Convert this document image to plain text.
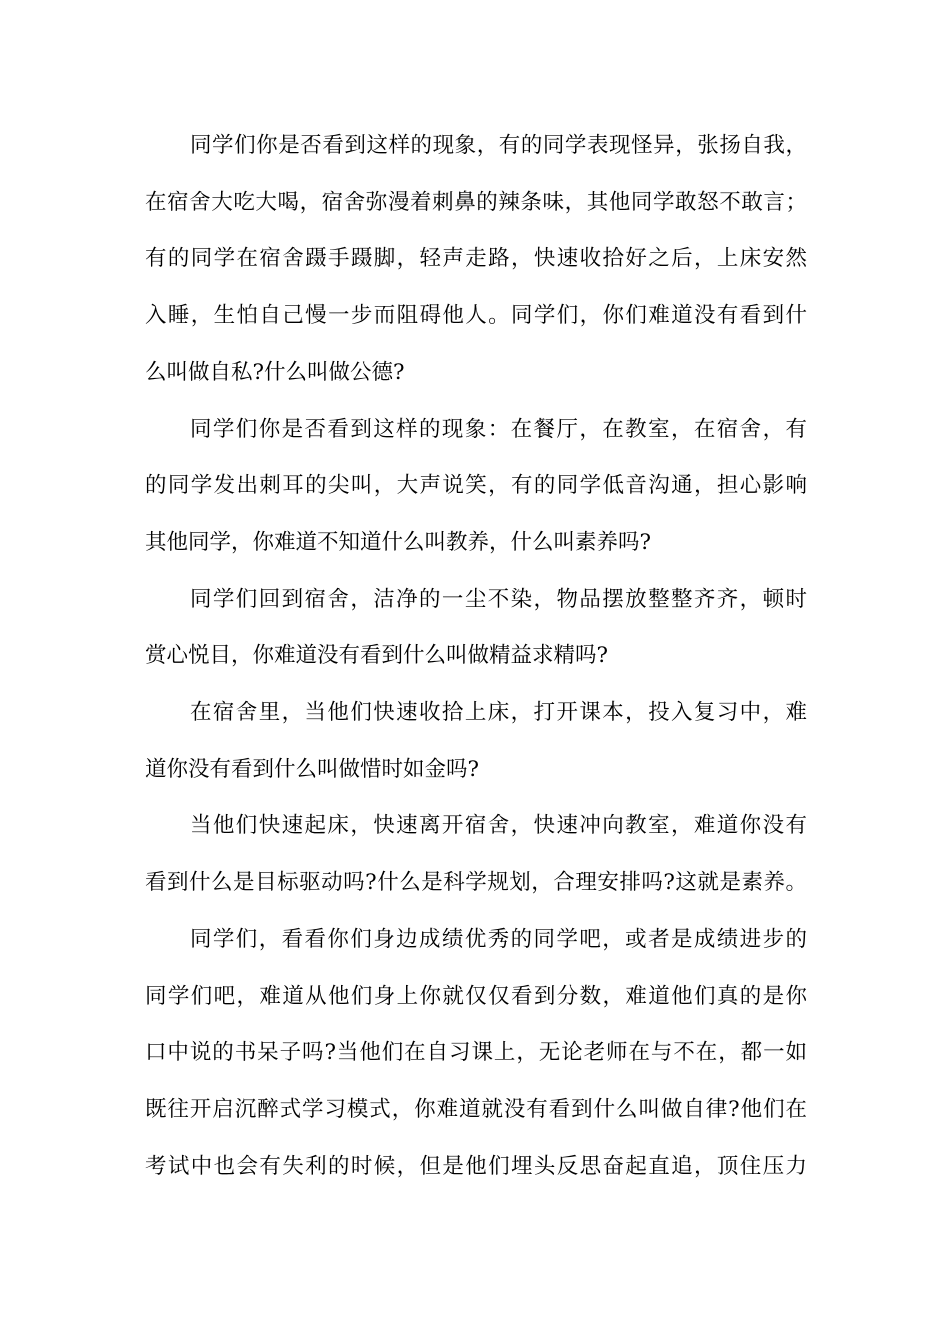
同学们你是否看到这样的现象，有的同学表现怪异，张扬自我，
在宿舍大吃大喝，宿舍弥漫着刺鼻的辣条味，其他同学敢怒不敢言；
有的同学在宿舍蹑手蹑脚，轻声走路，快速收拾好之后，上床安然
入睡，生怕自己慢一步而阻碍他人。同学们，你们难道没有看到什
么叫做自私?什么叫做公德?
同学们你是否看到这样的现象：在餐厅，在教室，在宿舍，有
的同学发出刺耳的尖叫，大声说笑，有的同学低音沟通，担心影响
其他同学，你难道不知道什么叫教养，什么叫素养吗?
同学们回到宿舍，洁净的一尘不染，物品摆放整整齐齐，顿时
赏心悦目，你难道没有看到什么叫做精益求精吗?
在宿舍里，当他们快速收拾上床，打开课本，投入复习中，难
道你没有看到什么叫做惜时如金吗?
当他们快速起床，快速离开宿舍，快速冲向教室，难道你没有
看到什么是目标驱动吗?什么是科学规划，合理安排吗?这就是素养。
同学们，看看你们身边成绩优秀的同学吧，或者是成绩进步的
同学们吧，难道从他们身上你就仅仅看到分数，难道他们真的是你
口中说的书呆子吗?当他们在自习课上，无论老师在与不在，都一如
既往开启沉醉式学习模式，你难道就没有看到什么叫做自律?他们在
考试中也会有失利的时候，但是他们埋头反思奋起直追，顶住压力
